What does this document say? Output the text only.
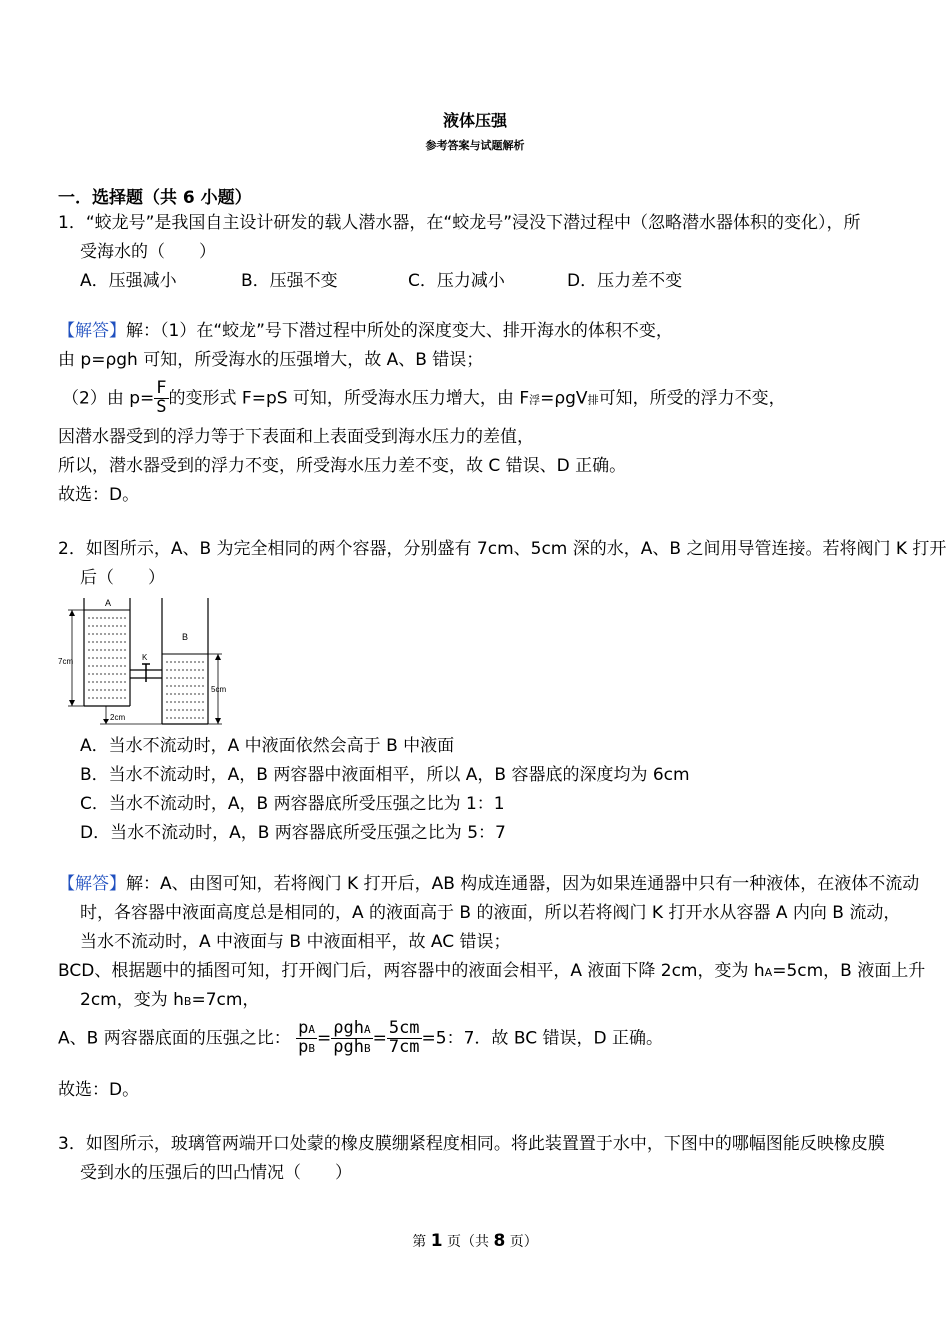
液体压强
参考答案与试题解析
一．选择题（共 6 小题）
1．“蛟龙号”是我国自主设计研发的载人潜水器，在“蛟龙号”浸没下潜过程中（忽略潜水器体积的变化），所
受海水的（　　）
A．压强减小	B．压强不变	C．压力减小	D．压力差不变
【解答】解：（1）在“蛟龙”号下潜过程中所处的深度变大、排开海水的体积不变，
由 p=ρgh 可知，所受海水的压强增大，故 A、B 错误；
（2）由 $p= \frac{F}{S}$ 的变形式 F=pS 可知，所受海水压力增大，由 F浮=ρgV排可知，所受的浮力不变，
因潜水器受到的浮力等于下表面和上表面受到海水压力的差值，
所以，潜水器受到的浮力不变，所受海水压力差不变，故 C 错误、D 正确。
故选：D。
2．如图所示，A、B 为完全相同的两个容器，分别盛有 7cm、5cm 深的水，A、B 之间用导管连接。若将阀门 K 打开
后（　　）
A
B
K
7cm
5cm
2cm
A．当水不流动时，A 中液面依然会高于 B 中液面
B．当水不流动时，A，B 两容器中液面相平，所以 A，B 容器底的深度均为 6cm
C．当水不流动时，A，B 两容器底所受压强之比为 1：1
D．当水不流动时，A，B 两容器底所受压强之比为 5：7
【解答】解：A、由图可知，若将阀门 K 打开后，AB 构成连通器，因为如果连通器中只有一种液体，在液体不流动
时，各容器中液面高度总是相同的，A 的液面高于 B 的液面，所以若将阀门 K 打开水从容器 A 内向 B 流动，
当水不流动时，A 中液面与 B 中液面相平，故 AC 错误；
BCD、根据题中的插图可知，打开阀门后，两容器中的液面会相平，A 液面下降 2cm，变为 hA=5cm，B 液面上升
2cm，变为 hB=7cm，
A、B 两容器底面的压强之比： $\frac{pA}{pB} = \frac{\text{ρghA}}{\text{ρghB}} = \frac{5cm}{7cm} =5$：7．故 BC 错误，D 正确。
故选：D。
3．如图所示，玻璃管两端开口处蒙的橡皮膜绷紧程度相同。将此装置置于水中，下图中的哪幅图能反映橡皮膜
受到水的压强后的凹凸情况（　　）
第 1 页（共 8 页）
